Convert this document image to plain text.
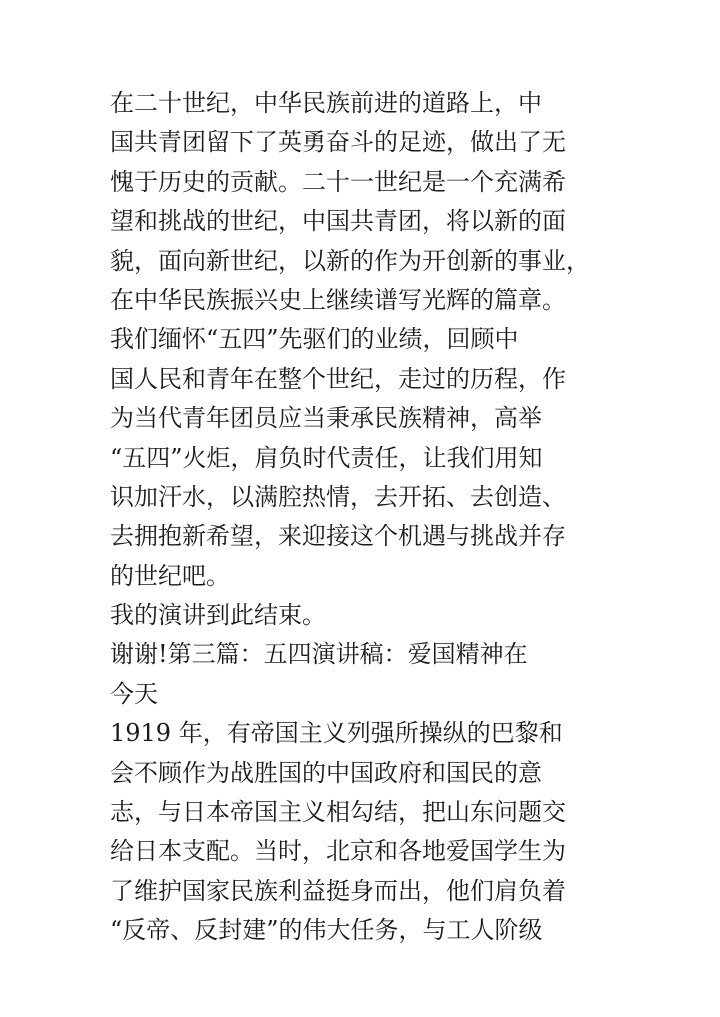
在二十世纪，中华民族前进的道路上，中
国共青团留下了英勇奋斗的足迹，做出了无
愧于历史的贡献。二十一世纪是一个充满希
望和挑战的世纪，中国共青团，将以新的面
貌，面向新世纪，以新的作为开创新的事业，
在中华民族振兴史上继续谱写光辉的篇章。
我们缅怀“五四”先驱们的业绩，回顾中
国人民和青年在整个世纪，走过的历程，作
为当代青年团员应当秉承民族精神，高举
“五四”火炬，肩负时代责任，让我们用知
识加汗水，以满腔热情，去开拓、去创造、
去拥抱新希望，来迎接这个机遇与挑战并存
的世纪吧。
我的演讲到此结束。
谢谢!第三篇：五四演讲稿：爱国精神在
今天
1919 年，有帝国主义列强所操纵的巴黎和
会不顾作为战胜国的中国政府和国民的意
志，与日本帝国主义相勾结，把山东问题交
给日本支配。当时，北京和各地爱国学生为
了维护国家民族利益挺身而出，他们肩负着
“反帝、反封建”的伟大任务，与工人阶级
